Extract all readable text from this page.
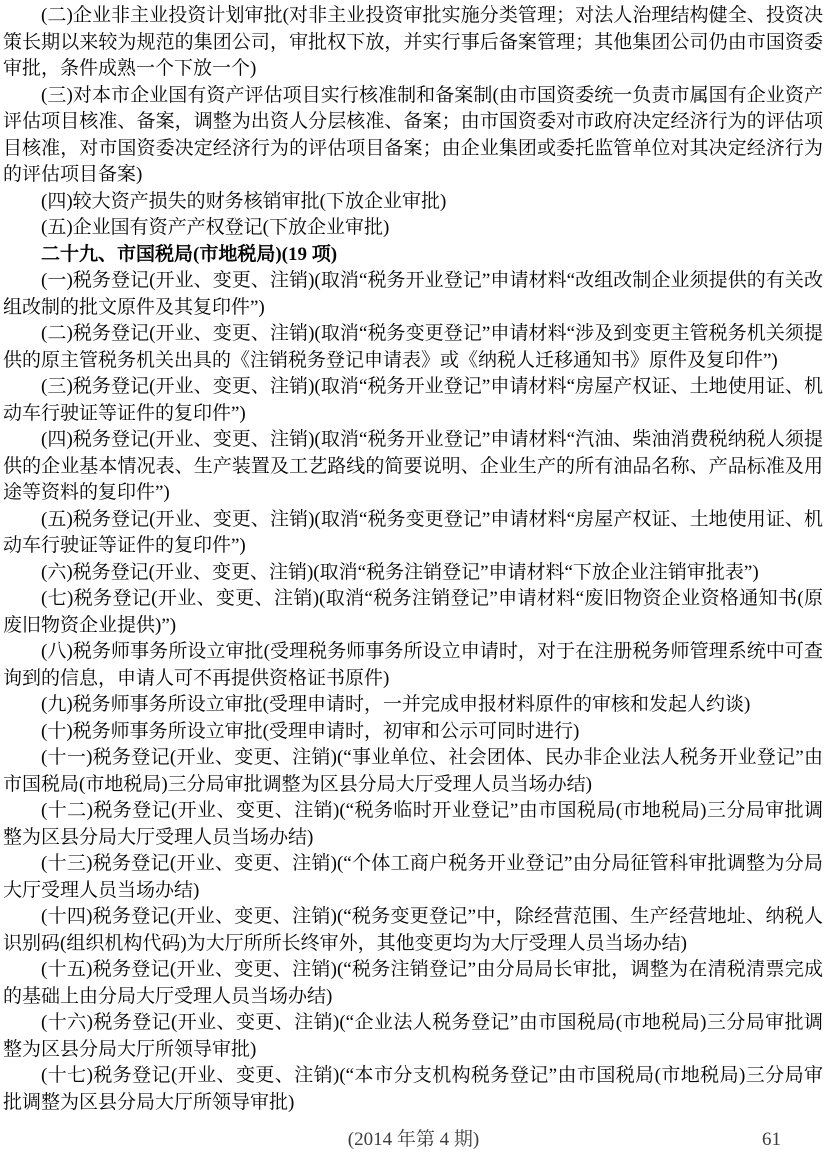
(二)企业非主业投资计划审批(对非主业投资审批实施分类管理；对法人治理结构健全、投资决策长期以来较为规范的集团公司，审批权下放，并实行事后备案管理；其他集团公司仍由市国资委审批，条件成熟一个下放一个)

(三)对本市企业国有资产评估项目实行核准制和备案制(由市国资委统一负责市属国有企业资产评估项目核准、备案，调整为出资人分层核准、备案；由市国资委对市政府决定经济行为的评估项目核准，对市国资委决定经济行为的评估项目备案；由企业集团或委托监管单位对其决定经济行为的评估项目备案)

(四)较大资产损失的财务核销审批(下放企业审批)

(五)企业国有资产产权登记(下放企业审批)

二十九、市国税局(市地税局)(19 项)

(一)税务登记(开业、变更、注销)(取消“税务开业登记”申请材料“改组改制企业须提供的有关改组改制的批文原件及其复印件”)

(二)税务登记(开业、变更、注销)(取消“税务变更登记”申请材料“涉及到变更主管税务机关须提供的原主管税务机关出具的《注销税务登记申请表》或《纳税人迁移通知书》原件及复印件”)

(三)税务登记(开业、变更、注销)(取消“税务开业登记”申请材料“房屋产权证、土地使用证、机动车行驶证等证件的复印件”)

(四)税务登记(开业、变更、注销)(取消“税务开业登记”申请材料“汽油、柴油消费税纳税人须提供的企业基本情况表、生产装置及工艺路线的简要说明、企业生产的所有油品名称、产品标准及用途等资料的复印件”)

(五)税务登记(开业、变更、注销)(取消“税务变更登记”申请材料“房屋产权证、土地使用证、机动车行驶证等证件的复印件”)

(六)税务登记(开业、变更、注销)(取消“税务注销登记”申请材料“下放企业注销审批表”)

(七)税务登记(开业、变更、注销)(取消“税务注销登记”申请材料“废旧物资企业资格通知书(原废旧物资企业提供)”)

(八)税务师事务所设立审批(受理税务师事务所设立申请时，对于在注册税务师管理系统中可查询到的信息，申请人可不再提供资格证书原件)

(九)税务师事务所设立审批(受理申请时，一并完成申报材料原件的审核和发起人约谈)

(十)税务师事务所设立审批(受理申请时，初审和公示可同时进行)

(十一)税务登记(开业、变更、注销)(“事业单位、社会团体、民办非企业法人税务开业登记”由市国税局(市地税局)三分局审批调整为区县分局大厅受理人员当场办结)

(十二)税务登记(开业、变更、注销)(“税务临时开业登记”由市国税局(市地税局)三分局审批调整为区县分局大厅受理人员当场办结)

(十三)税务登记(开业、变更、注销)(“个体工商户税务开业登记”由分局征管科审批调整为分局大厅受理人员当场办结)

(十四)税务登记(开业、变更、注销)(“税务变更登记”中，除经营范围、生产经营地址、纳税人识别码(组织机构代码)为大厅所所长终审外，其他变更均为大厅受理人员当场办结)

(十五)税务登记(开业、变更、注销)(“税务注销登记”由分局局长审批，调整为在清税清票完成的基础上由分局大厅受理人员当场办结)

(十六)税务登记(开业、变更、注销)(“企业法人税务登记”由市国税局(市地税局)三分局审批调整为区县分局大厅所领导审批)

(十七)税务登记(开业、变更、注销)(“本市分支机构税务登记”由市国税局(市地税局)三分局审批调整为区县分局大厅所领导审批)

(2014 年第 4 期)	61
